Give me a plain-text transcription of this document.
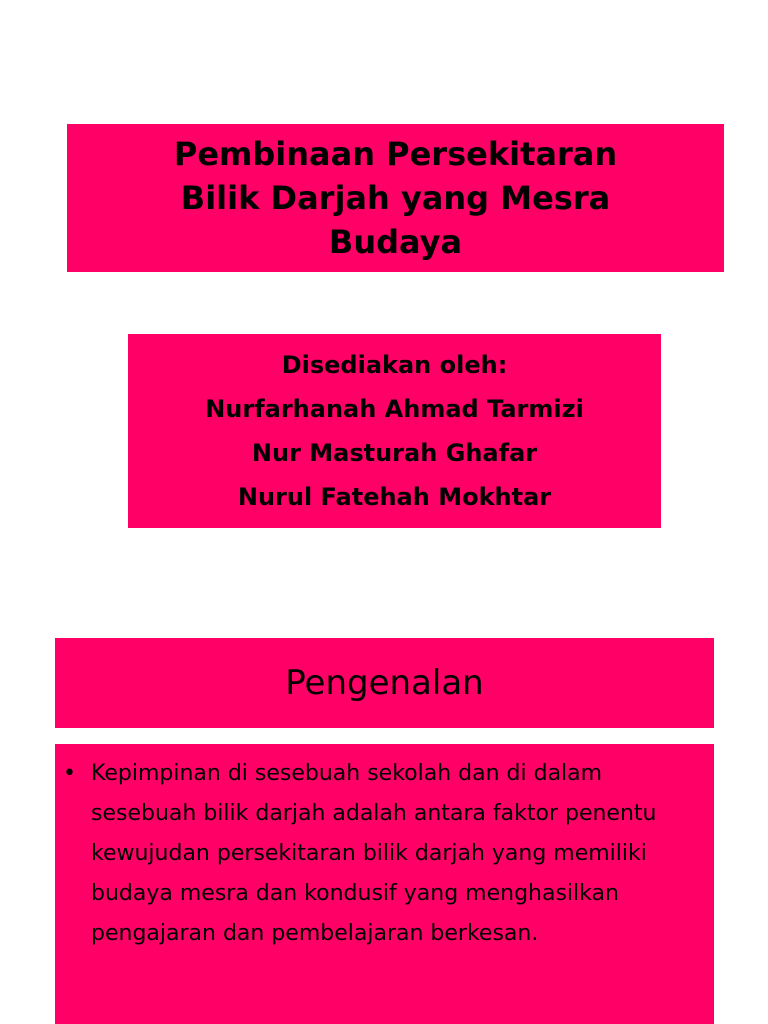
Pembinaan Persekitaran
Bilik Darjah yang Mesra
Budaya
Disediakan oleh:
Nurfarhanah Ahmad Tarmizi
Nur Masturah Ghafar
Nurul Fatehah Mokhtar
Pengenalan
• Kepimpinan di sesebuah sekolah dan di dalam sesebuah bilik darjah adalah antara faktor penentu kewujudan persekitaran bilik darjah yang memiliki budaya mesra dan kondusif yang menghasilkan pengajaran dan pembelajaran berkesan.
